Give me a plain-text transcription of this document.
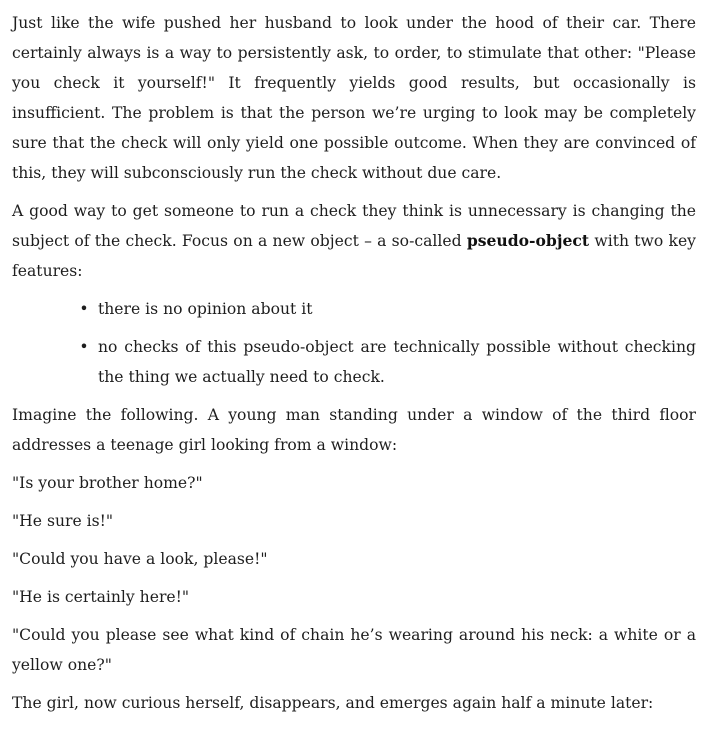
Just like the wife pushed her husband to look under the hood of their car. There certainly always is a way to persistently ask, to order, to stimulate that other: "Please you check it yourself!" It frequently yields good results, but occasionally is insufficient. The problem is that the person we’re urging to look may be completely sure that the check will only yield one possible outcome. When they are convinced of this, they will subconsciously run the check without due care.

A good way to get someone to run a check they think is unnecessary is changing the subject of the check. Focus on a new object – a so-called pseudo-object with two key features:

• there is no opinion about it
• no checks of this pseudo-object are technically possible without checking the thing we actually need to check.

Imagine the following. A young man standing under a window of the third floor addresses a teenage girl looking from a window:

"Is your brother home?"

"He sure is!"

"Could you have a look, please!"

"He is certainly here!"

"Could you please see what kind of chain he’s wearing around his neck: a white or a yellow one?"

The girl, now curious herself, disappears, and emerges again half a minute later:
